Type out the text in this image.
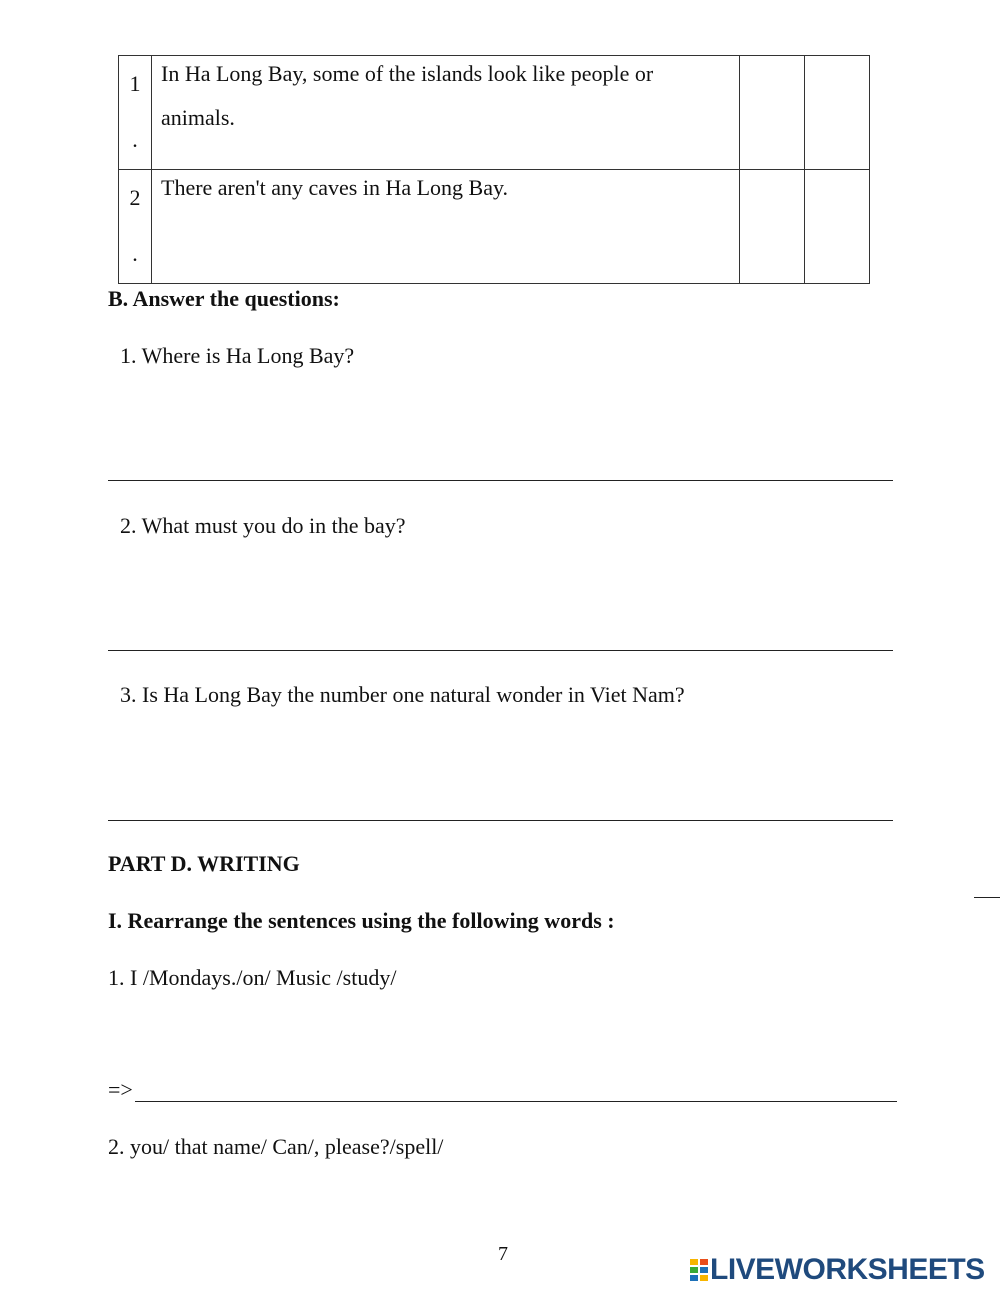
1
.	In Ha Long Bay, some of the islands look like people or
animals.		

2
.	There aren't any caves in Ha Long Bay.		

B. Answer the questions:
1. Where is Ha Long Bay?
2. What must you do in the bay?
3. Is Ha Long Bay the number one natural wonder in Viet Nam?
PART D. WRITING
I. Rearrange the sentences using the following words :
1. I /Mondays./on/ Music /study/
=>
2. you/ that name/ Can/, please?/spell/
7	LIVEWORKSHEETS
